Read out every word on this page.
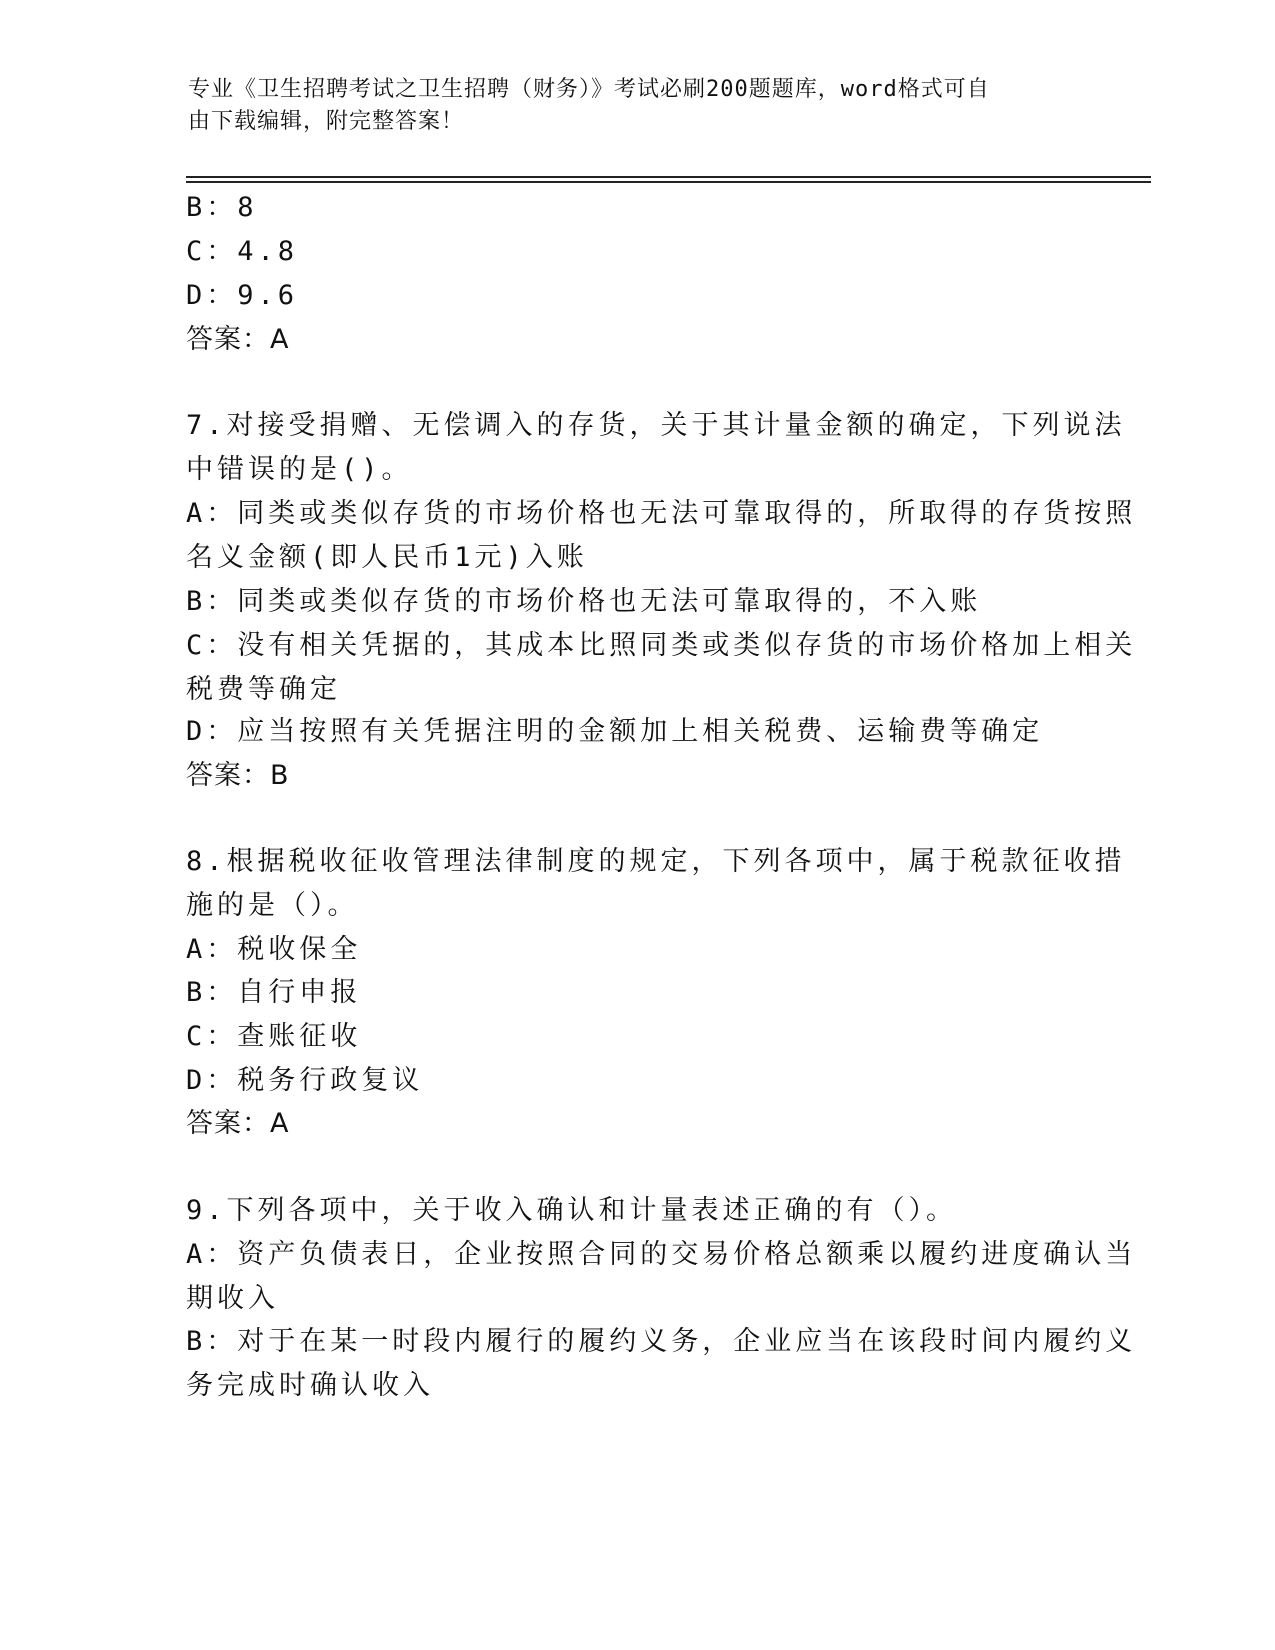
专业《卫生招聘考试之卫生招聘（财务）》考试必刷200题题库，word格式可自
由下载编辑，附完整答案！
B：8
C：4.8
D：9.6
答案：A
7.对接受捐赠、无偿调入的存货，关于其计量金额的确定，下列说法
中错误的是()。
A：同类或类似存货的市场价格也无法可靠取得的，所取得的存货按照
名义金额(即人民币1元)入账
B：同类或类似存货的市场价格也无法可靠取得的，不入账
C：没有相关凭据的，其成本比照同类或类似存货的市场价格加上相关
税费等确定
D：应当按照有关凭据注明的金额加上相关税费、运输费等确定
答案：B
8.根据税收征收管理法律制度的规定，下列各项中，属于税款征收措
施的是（）。
A：税收保全
B：自行申报
C：查账征收
D：税务行政复议
答案：A
9.下列各项中，关于收入确认和计量表述正确的有（）。
A：资产负债表日，企业按照合同的交易价格总额乘以履约进度确认当
期收入
B：对于在某一时段内履行的履约义务，企业应当在该段时间内履约义
务完成时确认收入
